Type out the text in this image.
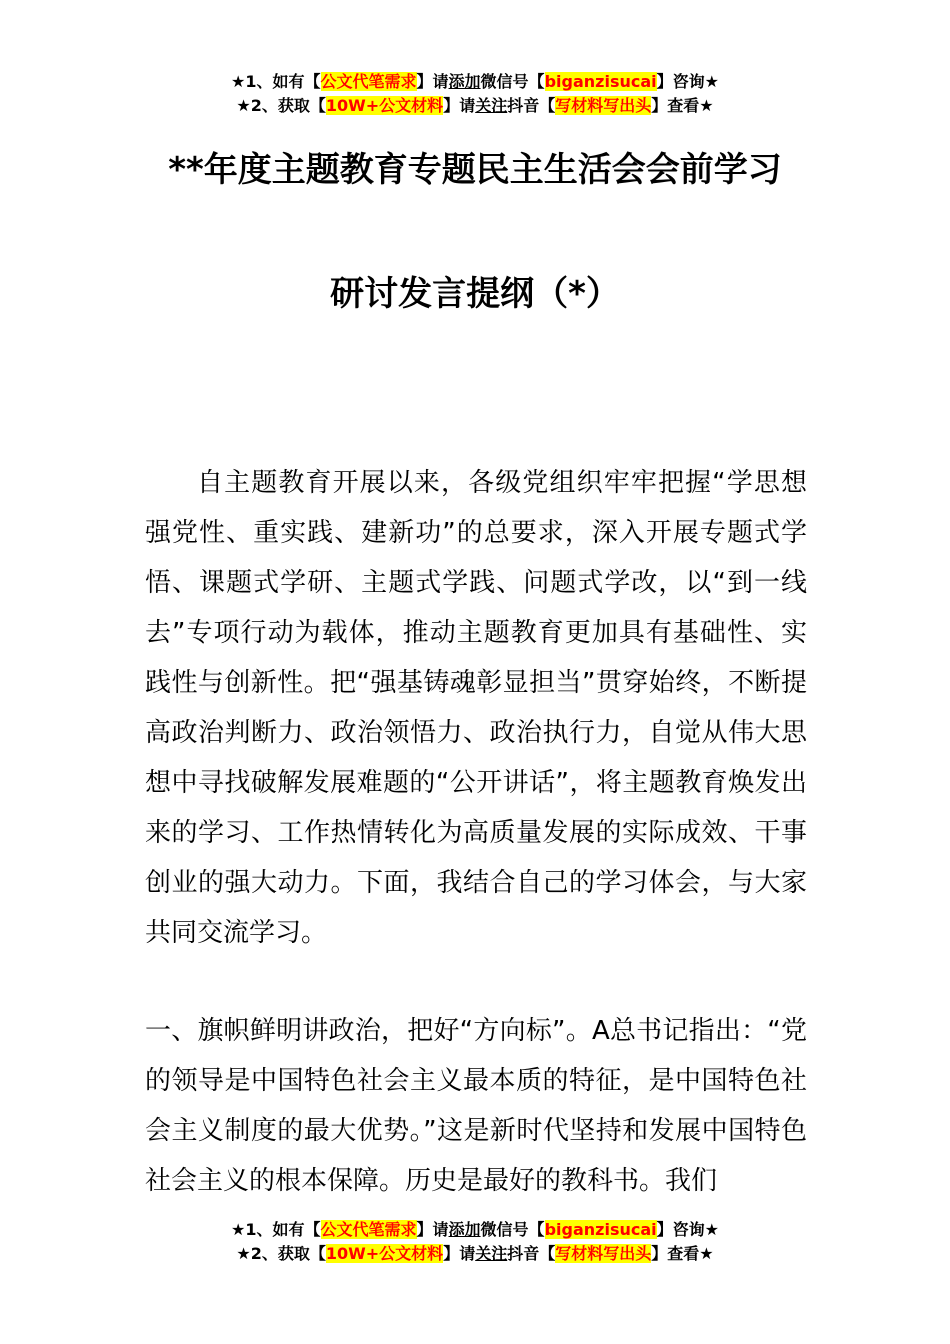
★1、如有【公文代笔需求】请添加微信号【biganzisucai】咨询★
★2、获取【10W+公文材料】请关注抖音【写材料写出头】查看★
**年度主题教育专题民主生活会会前学习
研讨发言提纲（*）

自主题教育开展以来，各级党组织牢牢把握“学思想强党性、重实践、建新功”的总要求，深入开展专题式学悟、课题式学研、主题式学践、问题式学改，以“到一线去”专项行动为载体，推动主题教育更加具有基础性、实践性与创新性。把“强基铸魂彰显担当”贯穿始终，不断提高政治判断力、政治领悟力、政治执行力，自觉从伟大思想中寻找破解发展难题的“公开讲话”，将主题教育焕发出来的学习、工作热情转化为高质量发展的实际成效、干事创业的强大动力。下面，我结合自己的学习体会，与大家共同交流学习。

一、旗帜鲜明讲政治，把好“方向标”。A总书记指出：“党的领导是中国特色社会主义最本质的特征，是中国特色社会主义制度的最大优势。”这是新时代坚持和发展中国特色社会主义的根本保障。历史是最好的教科书。我们

★1、如有【公文代笔需求】请添加微信号【biganzisucai】咨询★
★2、获取【10W+公文材料】请关注抖音【写材料写出头】查看★
